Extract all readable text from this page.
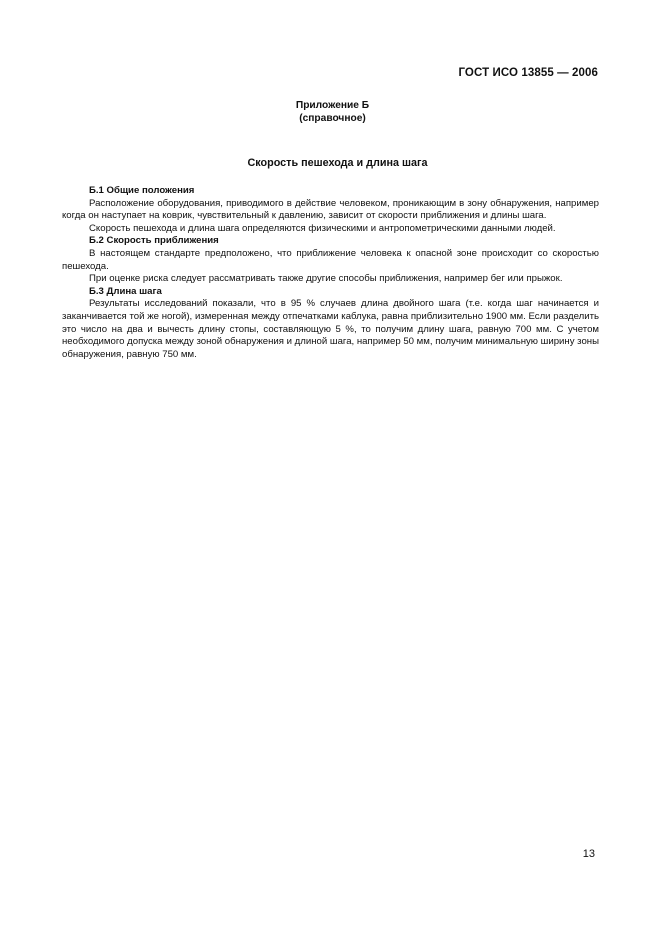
ГОСТ ИСО 13855 — 2006
Приложение Б
(справочное)
Скорость пешехода и длина шага
Б.1 Общие положения

Расположение оборудования, приводимого в действие человеком, проникающим в зону обнаружения, например когда он наступает на коврик, чувствительный к давлению, зависит от скорости приближения и длины шага.

Скорость пешехода и длина шага определяются физическими и антропометрическими данными людей.

Б.2 Скорость приближения

В настоящем стандарте предположено, что приближение человека к опасной зоне происходит со скоростью пешехода.

При оценке риска следует рассматривать также другие способы приближения, например бег или прыжок.

Б.3 Длина шага

Результаты исследований показали, что в 95 % случаев длина двойного шага (т.е. когда шаг начинается и заканчивается той же ногой), измеренная между отпечатками каблука, равна приблизительно 1900 мм. Если разделить это число на два и вычесть длину стопы, составляющую 5 %, то получим длину шага, равную 700 мм. С учетом необходимого допуска между зоной обнаружения и длиной шага, например 50 мм, получим минимальную ширину зоны обнаружения, равную 750 мм.

13
